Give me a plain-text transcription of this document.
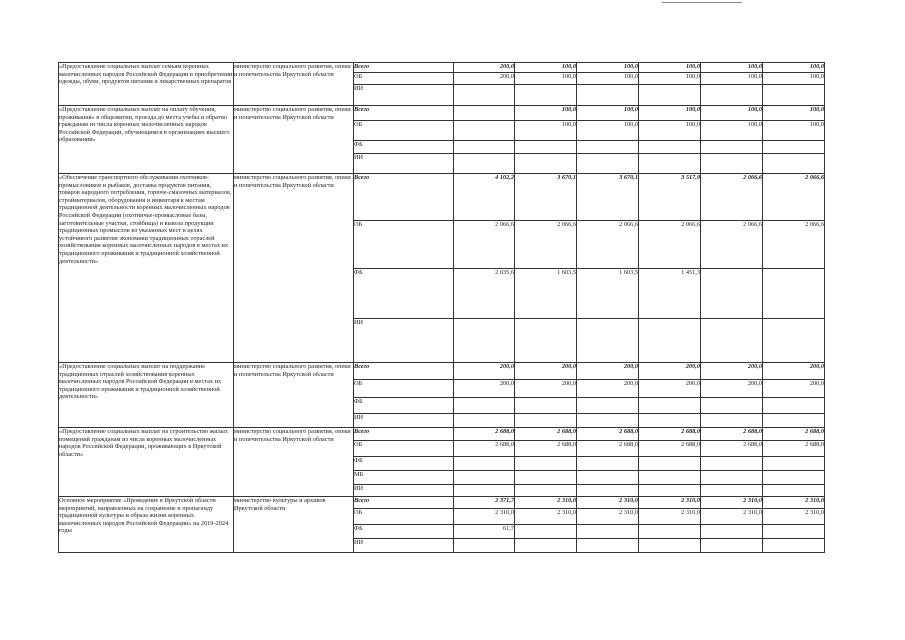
«Предоставление социальных выплат семьям коренных малочисленных народов Российской Федерации в приобретении одежды, обуви, продуктов питания и лекарственных препаратов	министерство социального развития, опеки и попечительства Иркутской области	Всего	200,0	100,0	100,0	100,0	100,0	100,0
		ОБ	200,0	100,0	100,0	100,0	100,0	100,0
		ИИ						
«Предоставление социальных выплат на оплату обучения, проживания» в общежитии, проезда до места учебы и обратно гражданам из числа коренных малочисленных народов Российской Федерации, обучающимся в организациях высшего образования»	министерство социального развития, опеки и попечительства Иркутской области	Всего		100,0	100,0	100,0	100,0	100,0
		ОБ		100,0	100,0	100,0	100,0	100,0
		ФБ						
		ИИ						
«Обеспечение транспортного обслуживания охотников-промысловиков и рыбаков, доставка продуктов питания, товаров народного потребления, горюче-смазочных материалов, стройматериалов, оборудования и инвентаря к местам традиционной деятельности коренных малочисленных народов Российской Федерации (охотничье-промысловые базы, заготовительные участки, стойбища) и вывоза продукции традиционных промыслов из указанных мест в целях устойчивого развития экономики традиционных отраслей хозяйствования коренных малочисленных народов в местах их традиционного проживания и традиционной хозяйственной деятельности»	министерство социального развития, опеки и попечительства Иркутской области	Всего	4 102,2	3 670,1	3 670,1	3 517,9	2 066,6	2 066,6
		ОБ	2 066,6	2 066,6	2 066,6	2 066,6	2 066,6	2 066,6
		ФБ	2 035,6	1 603,5	1 603,5	1 451,3		
		ИИ						
«Предоставление социальных выплат на поддержание традиционных отраслей хозяйствования коренных малочисленных народов Российской Федерации в местах их традиционного проживания и традиционной хозяйственной деятельности»	министерство социального развития, опеки и попечительства Иркутской области	Всего	200,0	200,0	200,0	200,0	200,0	200,0
		ОБ	200,0	200,0	200,0	200,0	200,0	200,0
		ФБ						
		ИИ						
«Предоставление социальных выплат на строительство жилых помещений гражданам из числа коренных малочисленных народов Российской Федерации, проживающих в Иркутской области»	министерство социального развития, опеки и попечительства Иркутской области	Всего	2 688,0	2 688,0	2 688,0	2 688,0	2 688,0	2 688,0
		ОБ	2 688,0	2 688,0	2 688,0	2 688,0	2 688,0	2 688,0
		ФБ						
		МБ						
		ИИ						
Основное мероприятие «Проведение в Иркутской области мероприятий, направленных на сохранение и пропаганду традиционной культуры и образа жизни коренных малочисленных народов Российской Федерации» на 2019-2024 годы	министерство культуры и архивов Иркутской области	Всего	2 371,7	2 310,0	2 310,0	2 310,0	2 310,0	2 310,0
		ОБ	2 310,0	2 310,0	2 310,0	2 310,0	2 310,0	2 310,0
		ФБ	61,7					
		ИИ						
